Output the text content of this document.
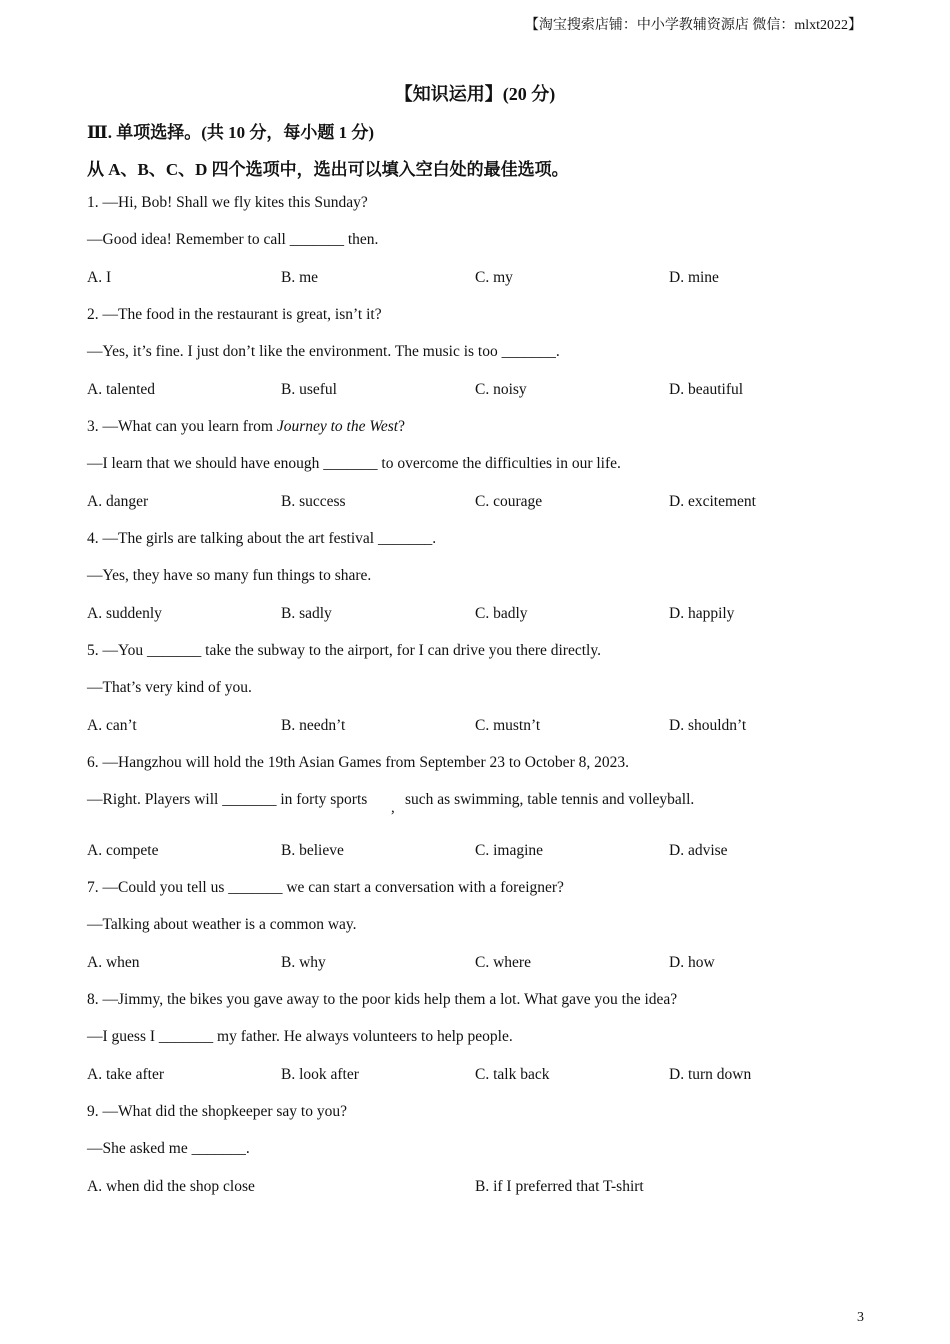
【淘宝搜索店铺：中小学教辅资源店 微信：mlxt2022】
【知识运用】(20 分)
Ⅲ. 单项选择。(共 10 分，每小题 1 分)
从 A、B、C、D 四个选项中，选出可以填入空白处的最佳选项。
1. —Hi, Bob! Shall we fly kites this Sunday?
—Good idea! Remember to call _______ then.
A. I	B. me	C. my	D. mine
2. —The food in the restaurant is great, isn’t it?
—Yes, it’s fine. I just don’t like the environment. The music is too _______.
A. talented	B. useful	C. noisy	D. beautiful
3. —What can you learn from Journey to the West?
—I learn that we should have enough _______ to overcome the difficulties in our life.
A. danger	B. success	C. courage	D. excitement
4. —The girls are talking about the art festival _______.
—Yes, they have so many fun things to share.
A. suddenly	B. sadly	C. badly	D. happily
5. —You _______ take the subway to the airport, for I can drive you there directly.
—That’s very kind of you.
A. can’t	B. needn’t	C. mustn’t	D. shouldn’t
6. —Hangzhou will hold the 19th Asian Games from September 23 to October 8, 2023.
—Right. Players will _______ in forty sports , such as swimming, table tennis and volleyball.
A. compete	B. believe	C. imagine	D. advise
7. —Could you tell us _______ we can start a conversation with a foreigner?
—Talking about weather is a common way.
A. when	B. why	C. where	D. how
8. —Jimmy, the bikes you gave away to the poor kids help them a lot. What gave you the idea?
—I guess I _______ my father. He always volunteers to help people.
A. take after	B. look after	C. talk back	D. turn down
9. —What did the shopkeeper say to you?
—She asked me _______.
A. when did the shop close	B. if I preferred that T-shirt
3
